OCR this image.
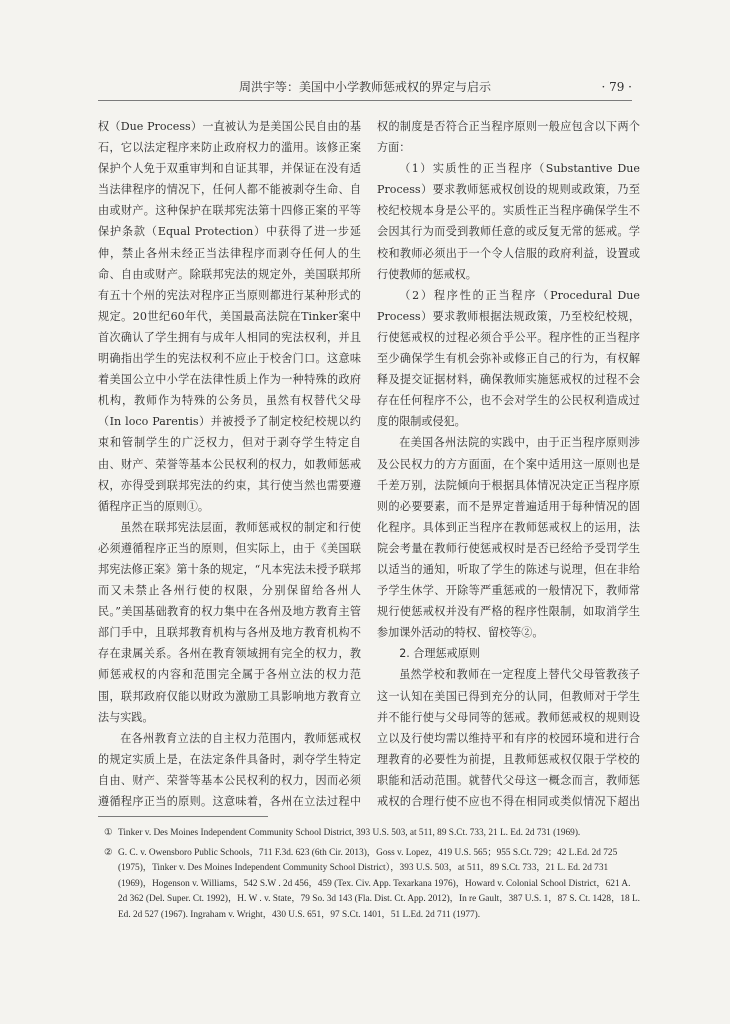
周洪宇等：美国中小学教师惩戒权的界定与启示	· 79 ·

权（Due Process）一直被认为是美国公民自由的基石，它以法定程序来防止政府权力的滥用。该修正案保护个人免于双重审判和自证其罪，并保证在没有适当法律程序的情况下，任何人都不能被剥夺生命、自由或财产。这种保护在联邦宪法第十四修正案的平等保护条款（Equal Protection）中获得了进一步延伸，禁止各州未经正当法律程序而剥夺任何人的生命、自由或财产。除联邦宪法的规定外，美国联邦所有五十个州的宪法对程序正当原则都进行某种形式的规定。20世纪60年代，美国最高法院在Tinker案中首次确认了学生拥有与成年人相同的宪法权利，并且明确指出学生的宪法权利不应止于校舍门口。这意味着美国公立中小学在法律性质上作为一种特殊的政府机构，教师作为特殊的公务员，虽然有权替代父母（In loco Parentis）并被授予了制定校纪校规以约束和管制学生的广泛权力，但对于剥夺学生特定自由、财产、荣誉等基本公民权利的权力，如教师惩戒权，亦得受到联邦宪法的约束，其行使当然也需要遵循程序正当的原则①。

虽然在联邦宪法层面，教师惩戒权的制定和行使必须遵循程序正当的原则，但实际上，由于《美国联邦宪法修正案》第十条的规定，“凡本宪法未授予联邦而又未禁止各州行使的权限，分别保留给各州人民。”美国基础教育的权力集中在各州及地方教育主管部门手中，且联邦教育机构与各州及地方教育机构不存在隶属关系。各州在教育领域拥有完全的权力，教师惩戒权的内容和范围完全属于各州立法的权力范围，联邦政府仅能以财政为激励工具影响地方教育立法与实践。

在各州教育立法的自主权力范围内，教师惩戒权的规定实质上是，在法定条件具备时，剥夺学生特定自由、财产、荣誉等基本公民权利的权力，因而必须遵循程序正当的原则。这意味着，各州在立法过程中

权的制度是否符合正当程序原则一般应包含以下两个方面：

（1）实质性的正当程序（Substantive Due Process）要求教师惩戒权创设的规则或政策，乃至校纪校规本身是公平的。实质性正当程序确保学生不会因其行为而受到教师任意的或反复无常的惩戒。学校和教师必须出于一个令人信服的政府利益，设置或行使教师的惩戒权。

（2）程序性的正当程序（Procedural Due Process）要求教师根据法规政策，乃至校纪校规，行使惩戒权的过程必须合乎公平。程序性的正当程序至少确保学生有机会弥补或修正自己的行为，有权解释及提交证据材料，确保教师实施惩戒权的过程不会存在任何程序不公，也不会对学生的公民权利造成过度的限制或侵犯。

在美国各州法院的实践中，由于正当程序原则涉及公民权力的方方面面，在个案中适用这一原则也是千差万别，法院倾向于根据具体情况决定正当程序原则的必要要素，而不是界定普遍适用于每种情况的固化程序。具体到正当程序在教师惩戒权上的运用，法院会考量在教师行使惩戒权时是否已经给予受罚学生以适当的通知，听取了学生的陈述与说理，但在非给予学生休学、开除等严重惩戒的一般情况下，教师常规行使惩戒权并没有严格的程序性限制，如取消学生参加课外活动的特权、留校等②。

2. 合理惩戒原则

虽然学校和教师在一定程度上替代父母管教孩子这一认知在美国已得到充分的认同，但教师对于学生并不能行使与父母同等的惩戒。教师惩戒权的规则设立以及行使均需以维持平和有序的校园环境和进行合理教育的必要性为前提，且教师惩戒权仅限于学校的职能和活动范围。就替代父母这一概念而言，教师惩戒权的合理行使不应也不得在相同或类似情况下超出

① Tinker v. Des Moines Independent Community School District, 393 U.S. 503, at 511, 89 S.Ct. 733, 21 L. Ed. 2d 731 (1969).
② G. C. v. Owensboro Public Schools，711 F.3d. 623 (6th Cir. 2013)，Goss v. Lopez，419 U.S. 565；955 S.Ct. 729；42 L.Ed. 2d 725 (1975)，Tinker v. Des Moines Independent Community School District），393 U.S. 503，at 511，89 S.Ct. 733，21 L. Ed. 2d 731 (1969)，Hogenson v. Williams，542 S.W . 2d 456，459 (Tex. Civ. App. Texarkana 1976)，Howard v. Colonial School District，621 A. 2d 362 (Del. Super. Ct. 1992)，H. W . v. State，79 So. 3d 143 (Fla. Dist. Ct. App. 2012)，In re Gault，387 U.S. 1，87 S. Ct. 1428，18 L. Ed. 2d 527 (1967). Ingraham v. Wright，430 U.S. 651，97 S.Ct. 1401，51 L.Ed. 2d 711 (1977).
